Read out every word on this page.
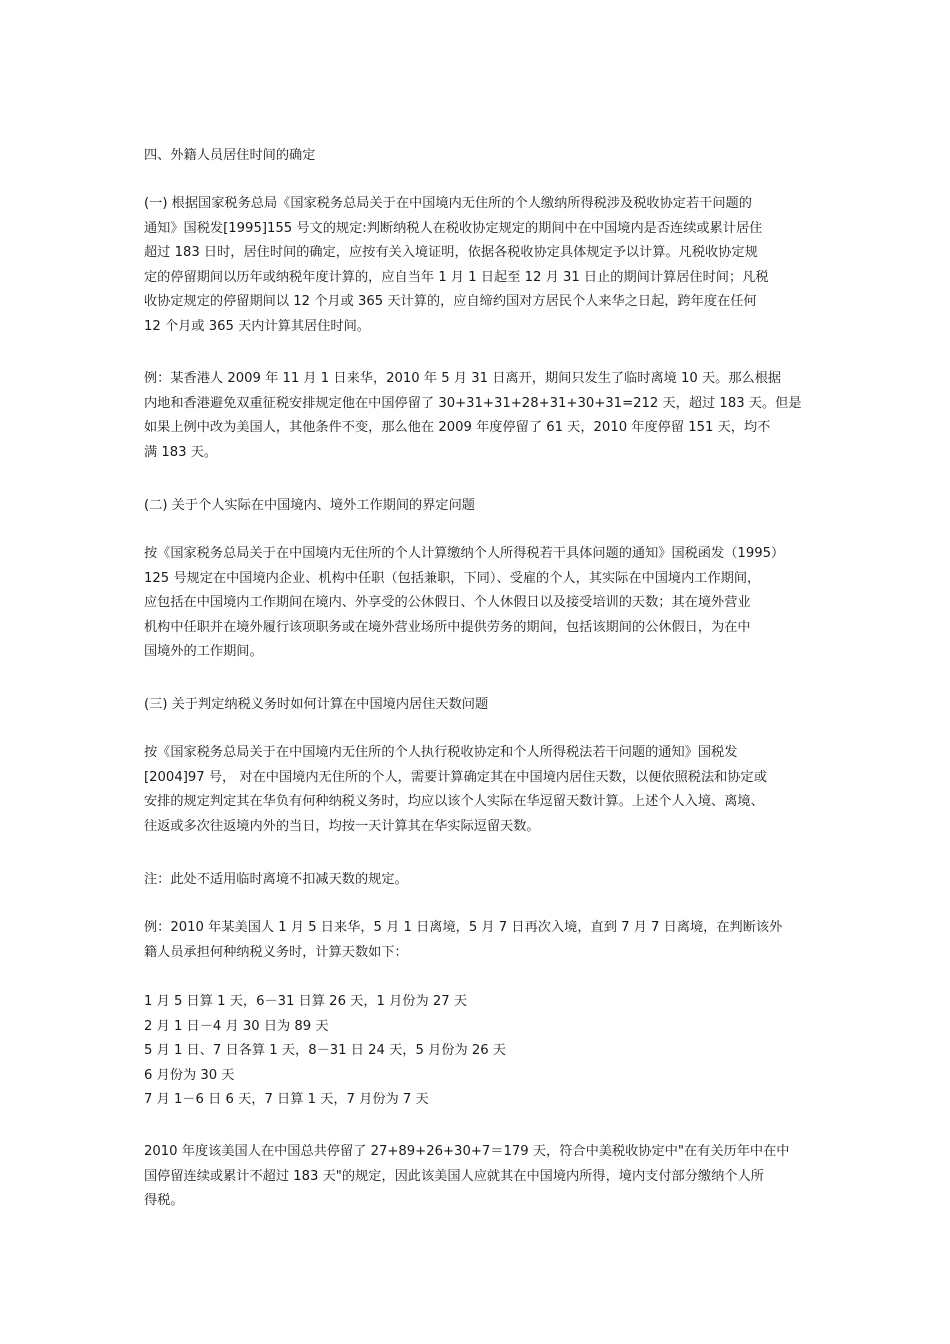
四、外籍人员居住时间的确定
(一) 根据国家税务总局《国家税务总局关于在中国境内无住所的个人缴纳所得税涉及税收协定若干问题的
通知》国税发[1995]155 号文的规定:判断纳税人在税收协定规定的期间中在中国境内是否连续或累计居住
超过 183 日时，居住时间的确定，应按有关入境证明，依据各税收协定具体规定予以计算。凡税收协定规
定的停留期间以历年或纳税年度计算的，应自当年 1 月 1 日起至 12 月 31 日止的期间计算居住时间；凡税
收协定规定的停留期间以 12 个月或 365 天计算的，应自缔约国对方居民个人来华之日起，跨年度在任何
12 个月或 365 天内计算其居住时间。
例：某香港人 2009 年 11 月 1 日来华，2010 年 5 月 31 日离开，期间只发生了临时离境 10 天。那么根据
内地和香港避免双重征税安排规定他在中国停留了 30+31+31+28+31+30+31=212 天，超过 183 天。但是
如果上例中改为美国人，其他条件不变，那么他在 2009 年度停留了 61 天，2010 年度停留 151 天，均不
满 183 天。
(二) 关于个人实际在中国境内、境外工作期间的界定问题
按《国家税务总局关于在中国境内无住所的个人计算缴纳个人所得税若干具体问题的通知》国税函发（1995）
125 号规定在中国境内企业、机构中任职（包括兼职，下同）、受雇的个人，其实际在中国境内工作期间，
应包括在中国境内工作期间在境内、外享受的公休假日、个人休假日以及接受培训的天数；其在境外营业
机构中任职并在境外履行该项职务或在境外营业场所中提供劳务的期间，包括该期间的公休假日，为在中
国境外的工作期间。
(三) 关于判定纳税义务时如何计算在中国境内居住天数问题
按《国家税务总局关于在中国境内无住所的个人执行税收协定和个人所得税法若干问题的通知》国税发
[2004]97 号， 对在中国境内无住所的个人，需要计算确定其在中国境内居住天数，以便依照税法和协定或
安排的规定判定其在华负有何种纳税义务时，均应以该个人实际在华逗留天数计算。上述个人入境、离境、
往返或多次往返境内外的当日，均按一天计算其在华实际逗留天数。
注：此处不适用临时离境不扣减天数的规定。
例：2010 年某美国人 1 月 5 日来华，5 月 1 日离境，5 月 7 日再次入境，直到 7 月 7 日离境，在判断该外
籍人员承担何种纳税义务时，计算天数如下：
1 月 5 日算 1 天，6－31 日算 26 天，1 月份为 27 天
2 月 1 日－4 月 30 日为 89 天
5 月 1 日、7 日各算 1 天，8－31 日 24 天，5 月份为 26 天
6 月份为 30 天
7 月 1－6 日 6 天，7 日算 1 天，7 月份为 7 天
2010 年度该美国人在中国总共停留了 27+89+26+30+7＝179 天，符合中美税收协定中"在有关历年中在中
国停留连续或累计不超过 183 天"的规定，因此该美国人应就其在中国境内所得，境内支付部分缴纳个人所
得税。
